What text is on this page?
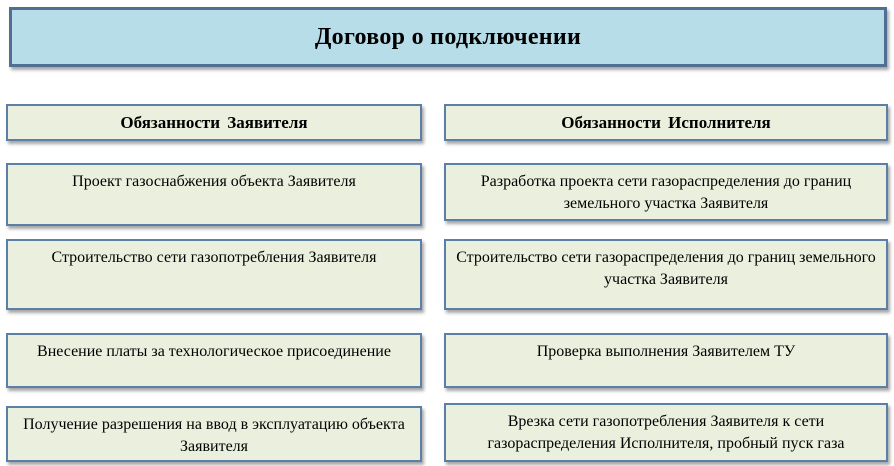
Договор о подключении
Обязанности Заявителя
Проект газоснабжения объекта Заявителя
Строительство сети газопотребления Заявителя
Внесение платы за технологическое присоединение
Получение разрешения на ввод в эксплуатацию объекта Заявителя
Обязанности Исполнителя
Разработка проекта сети газораспределения до границ земельного участка Заявителя
Строительство сети газораспределения до границ земельного участка Заявителя
Проверка выполнения Заявителем ТУ
Врезка сети газопотребления Заявителя к сети газораспределения Исполнителя, пробный пуск газа
